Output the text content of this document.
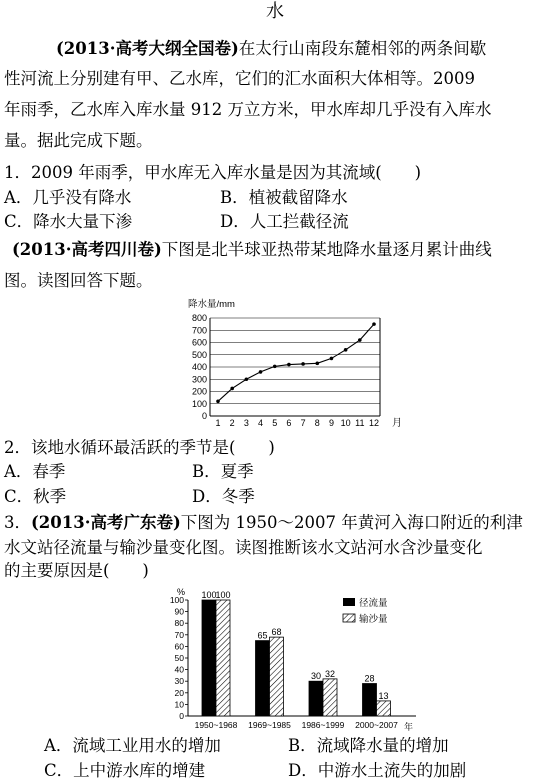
水
(2013·高考大纲全国卷)在太行山南段东麓相邻的两条间歇
性河流上分别建有甲、乙水库，它们的汇水面积大体相等。2009
年雨季，乙水库入库水量 912 万立方米，甲水库却几乎没有入库水
量。据此完成下题。
1．2009 年雨季，甲水库无入库水量是因为其流域(　　)
A．几乎没有降水	B．植被截留降水
C．降水大量下渗	D．人工拦截径流
(2013·高考四川卷)下图是北半球亚热带某地降水量逐月累计曲线
图。读图回答下题。
降水量/mm
0
100
200
300
400
500
600
700
800
1 2 3 4 5 6 7 8 9 10 11 12 月
2．该地水循环最活跃的季节是(　　)
A．春季	B．夏季
C．秋季	D．冬季
3．(2013·高考广东卷)下图为 1950～2007 年黄河入海口附近的利津
水文站径流量与输沙量变化图。读图推断该水文站河水含沙量变化
的主要原因是(　　)
%
0
10
20
30
40
50
60
70
80
90
100 100
100
65 68
30 32	28
13
1950~1968 1969~1985 1986~1999 2000~2007 年
径流量
输沙量
A．流域工业用水的增加	B．流域降水量的增加
C．上中游水库的增建	D．中游水土流失的加剧
